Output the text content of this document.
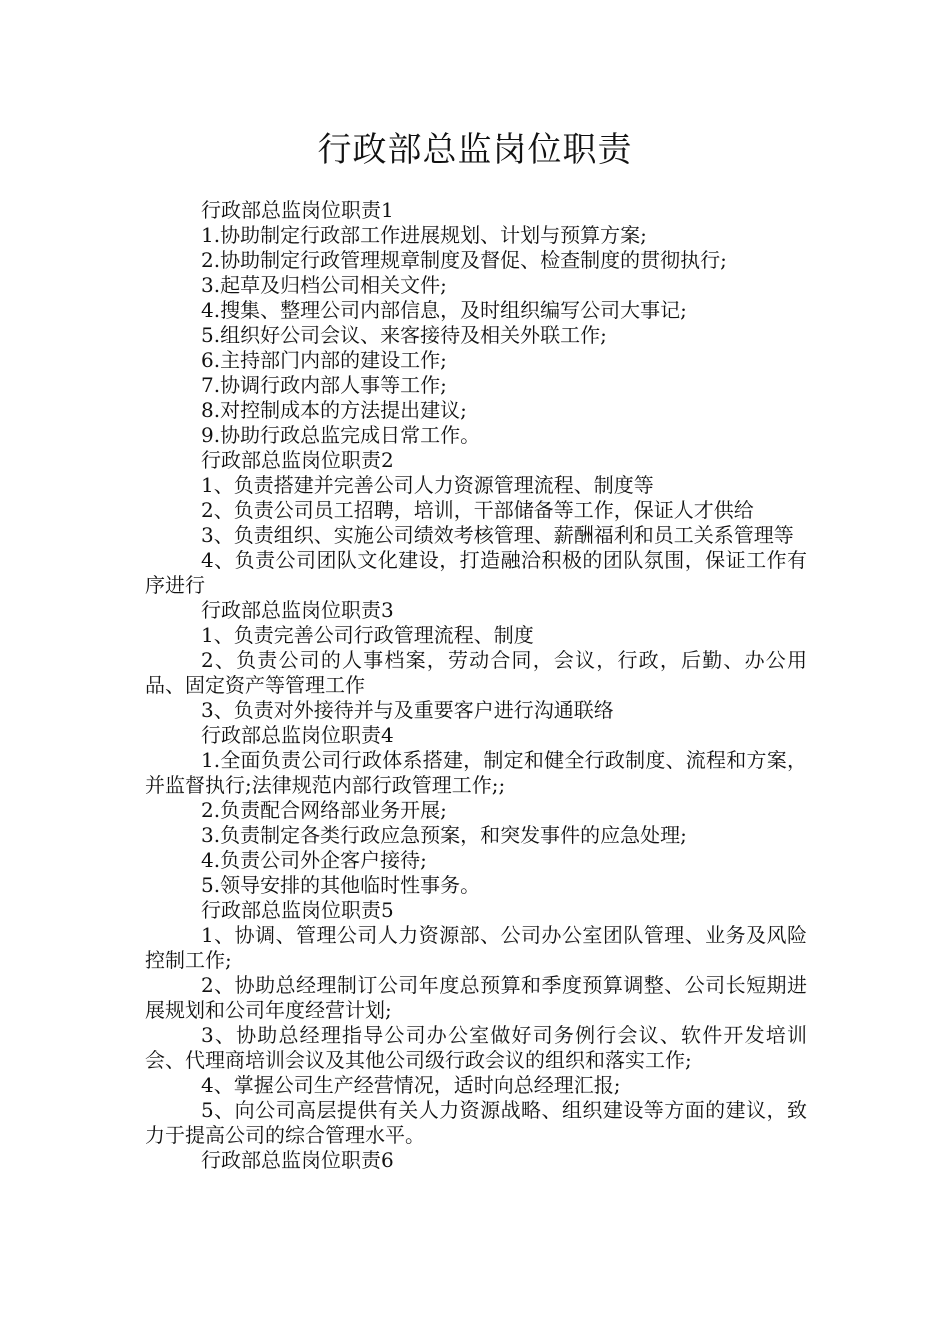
行政部总监岗位职责

行政部总监岗位职责1

1.协助制定行政部工作进展规划、计划与预算方案;

2.协助制定行政管理规章制度及督促、检查制度的贯彻执行;

3.起草及归档公司相关文件;

4.搜集、整理公司内部信息，及时组织编写公司大事记;

5.组织好公司会议、来客接待及相关外联工作;

6.主持部门内部的建设工作;

7.协调行政内部人事等工作;

8.对控制成本的方法提出建议;

9.协助行政总监完成日常工作。

行政部总监岗位职责2

1、负责搭建并完善公司人力资源管理流程、制度等

2、负责公司员工招聘，培训，干部储备等工作，保证人才供给

3、负责组织、实施公司绩效考核管理、薪酬福利和员工关系管理等

4、负责公司团队文化建设，打造融洽积极的团队氛围，保证工作有序进行

行政部总监岗位职责3

1、负责完善公司行政管理流程、制度

2、负责公司的人事档案，劳动合同，会议，行政，后勤、办公用品、固定资产等管理工作

3、负责对外接待并与及重要客户进行沟通联络

行政部总监岗位职责4

1.全面负责公司行政体系搭建，制定和健全行政制度、流程和方案，并监督执行;法律规范内部行政管理工作;;

2.负责配合网络部业务开展;

3.负责制定各类行政应急预案，和突发事件的应急处理;

4.负责公司外企客户接待;

5.领导安排的其他临时性事务。

行政部总监岗位职责5

1、协调、管理公司人力资源部、公司办公室团队管理、业务及风险控制工作;

2、协助总经理制订公司年度总预算和季度预算调整、公司长短期进展规划和公司年度经营计划;

3、协助总经理指导公司办公室做好司务例行会议、软件开发培训会、代理商培训会议及其他公司级行政会议的组织和落实工作;

4、掌握公司生产经营情况，适时向总经理汇报;

5、向公司高层提供有关人力资源战略、组织建设等方面的建议，致力于提高公司的综合管理水平。

行政部总监岗位职责6
